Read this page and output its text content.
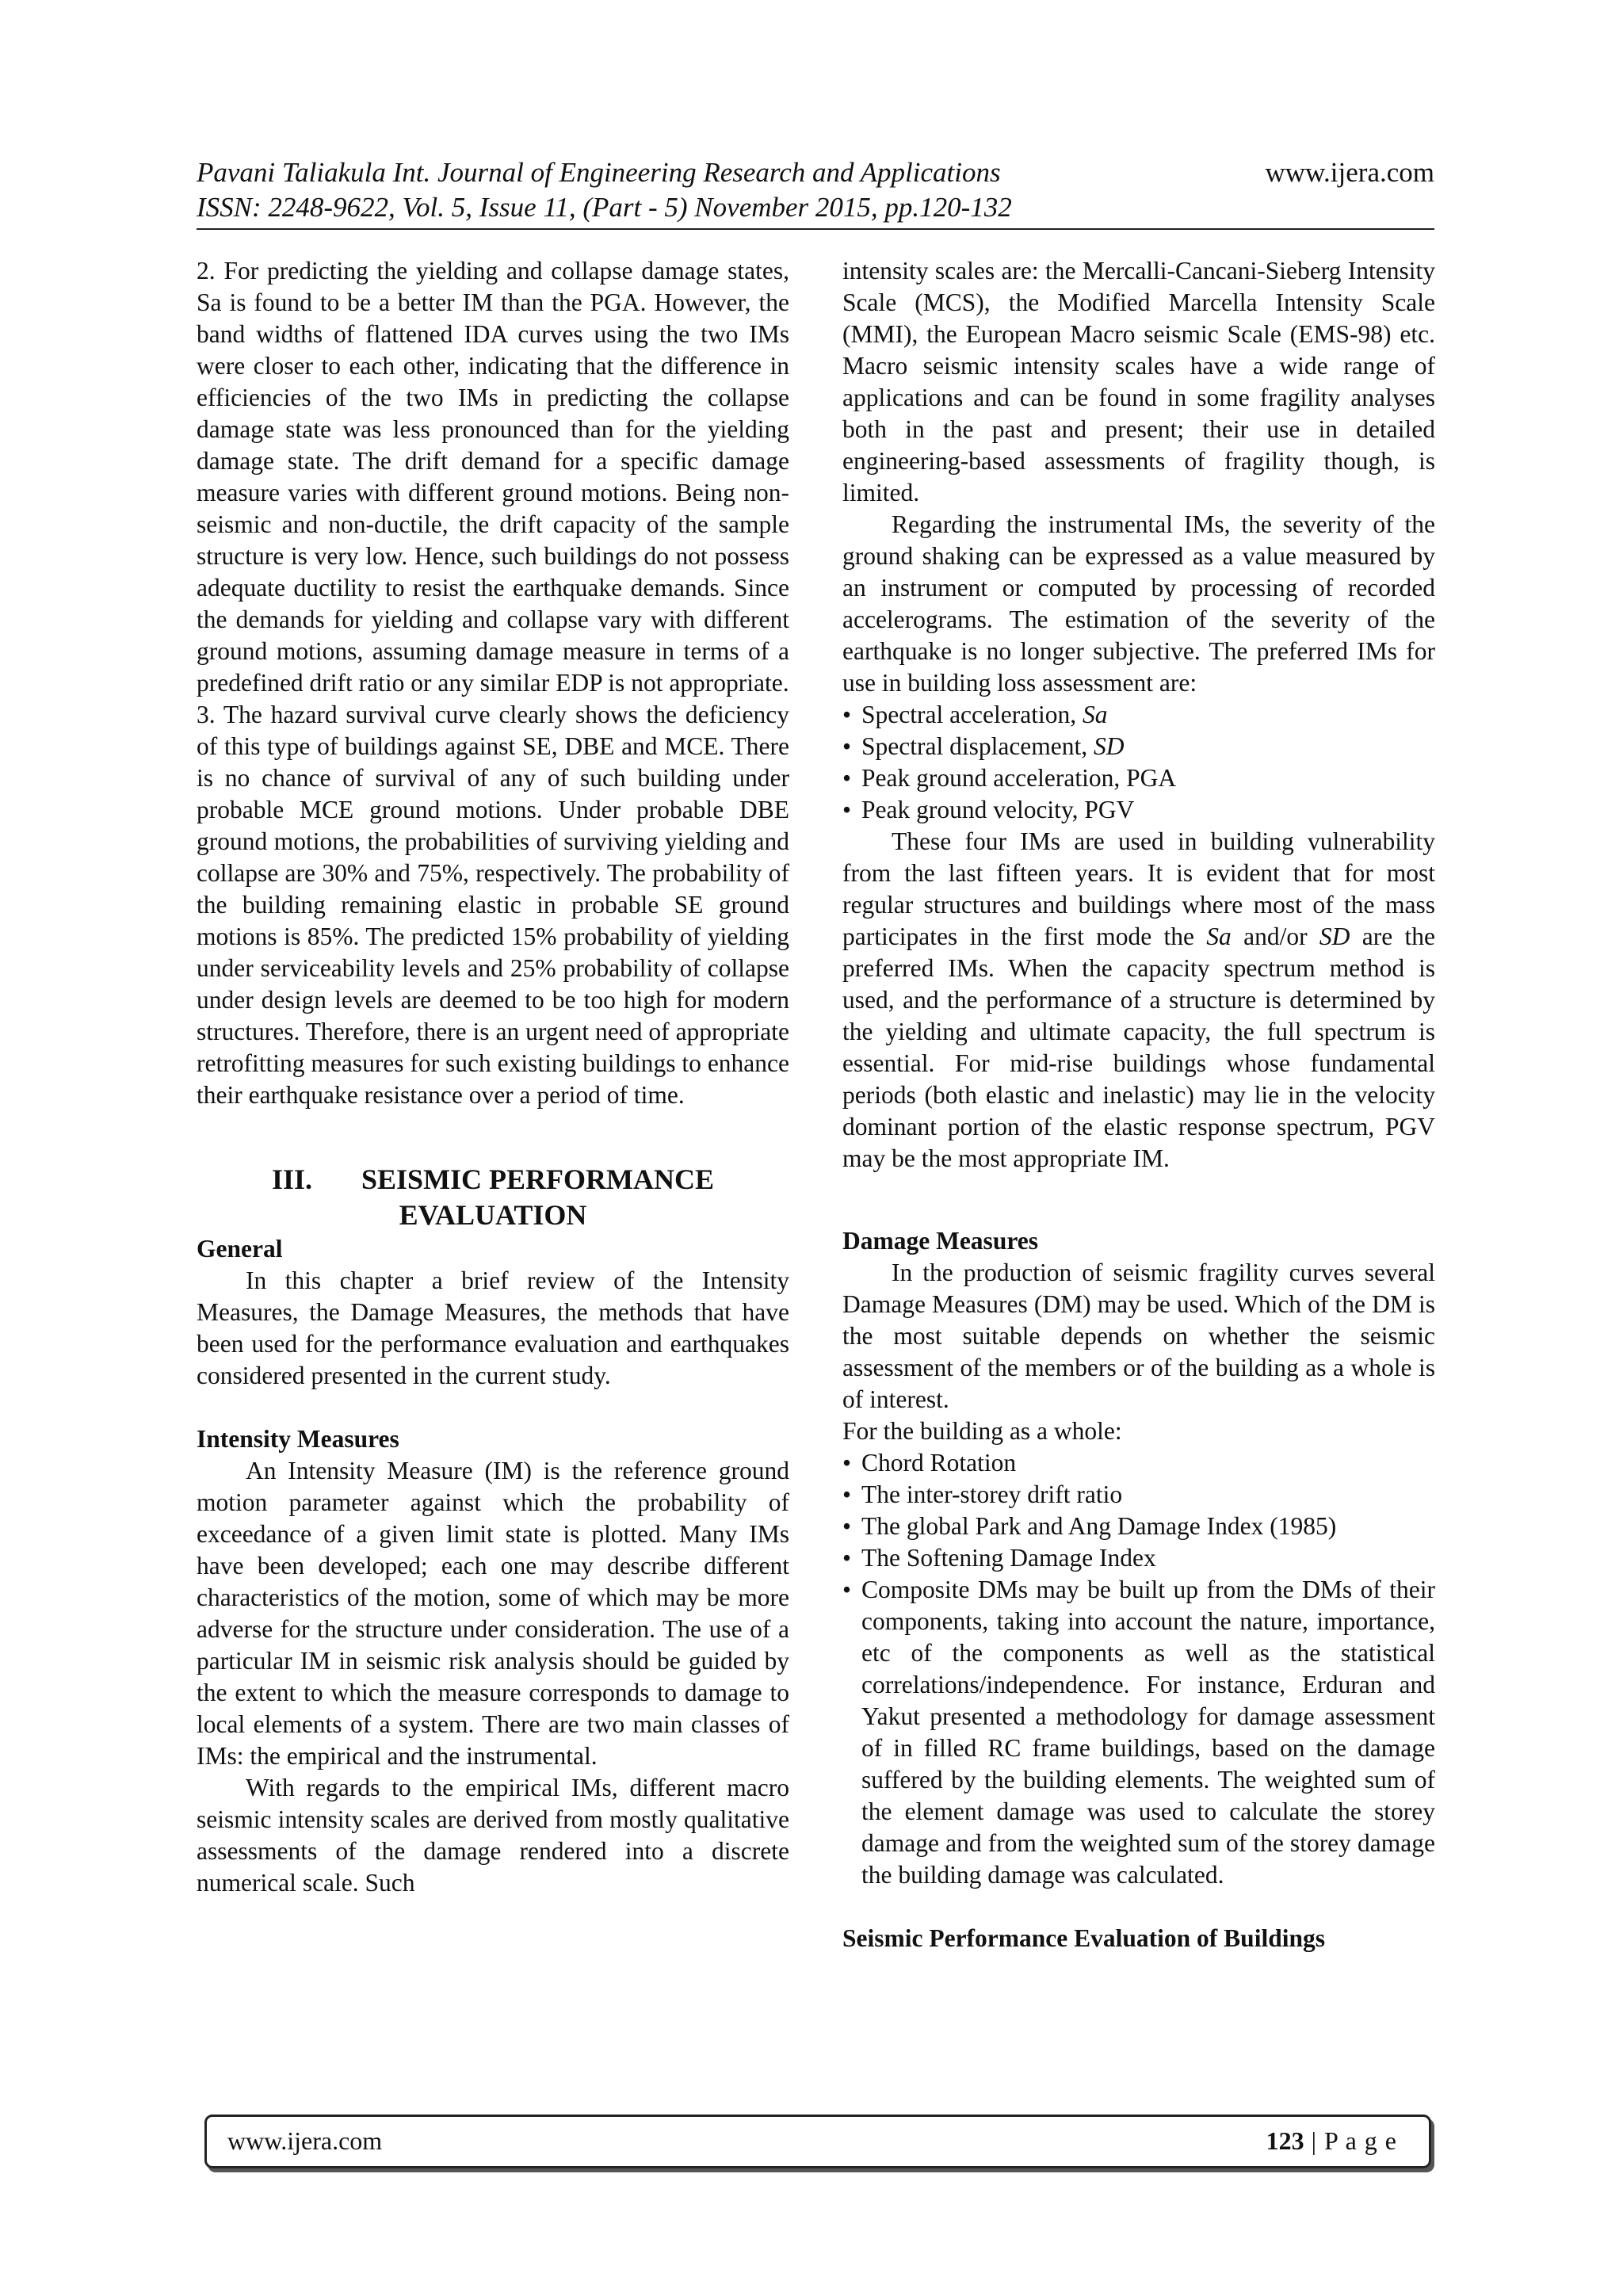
Pavani Taliakula Int. Journal of Engineering Research and Applications
ISSN: 2248-9622, Vol. 5, Issue 11, (Part - 5) November 2015, pp.120-132
www.ijera.com

2. For predicting the yielding and collapse damage states, Sa is found to be a better IM than the PGA. However, the band widths of flattened IDA curves using the two IMs were closer to each other, indicating that the difference in efficiencies of the two IMs in predicting the collapse damage state was less pronounced than for the yielding damage state. The drift demand for a specific damage measure varies with different ground motions. Being non-seismic and non-ductile, the drift capacity of the sample structure is very low. Hence, such buildings do not possess adequate ductility to resist the earthquake demands. Since the demands for yielding and collapse vary with different ground motions, assuming damage measure in terms of a predefined drift ratio or any similar EDP is not appropriate.

3. The hazard survival curve clearly shows the deficiency of this type of buildings against SE, DBE and MCE. There is no chance of survival of any of such building under probable MCE ground motions. Under probable DBE ground motions, the probabilities of surviving yielding and collapse are 30% and 75%, respectively. The probability of the building remaining elastic in probable SE ground motions is 85%. The predicted 15% probability of yielding under serviceability levels and 25% probability of collapse under design levels are deemed to be too high for modern structures. Therefore, there is an urgent need of appropriate retrofitting measures for such existing buildings to enhance their earthquake resistance over a period of time.

III. SEISMIC PERFORMANCE
EVALUATION

General

In this chapter a brief review of the Intensity Measures, the Damage Measures, the methods that have been used for the performance evaluation and earthquakes considered presented in the current study.

Intensity Measures

An Intensity Measure (IM) is the reference ground motion parameter against which the probability of exceedance of a given limit state is plotted. Many IMs have been developed; each one may describe different characteristics of the motion, some of which may be more adverse for the structure under consideration. The use of a particular IM in seismic risk analysis should be guided by the extent to which the measure corresponds to damage to local elements of a system. There are two main classes of IMs: the empirical and the instrumental.

With regards to the empirical IMs, different macro seismic intensity scales are derived from mostly qualitative assessments of the damage rendered into a discrete numerical scale. Such

intensity scales are: the Mercalli-Cancani-Sieberg Intensity Scale (MCS), the Modified Marcella Intensity Scale (MMI), the European Macro seismic Scale (EMS-98) etc. Macro seismic intensity scales have a wide range of applications and can be found in some fragility analyses both in the past and present; their use in detailed engineering-based assessments of fragility though, is limited.

Regarding the instrumental IMs, the severity of the ground shaking can be expressed as a value measured by an instrument or computed by processing of recorded accelerograms. The estimation of the severity of the earthquake is no longer subjective. The preferred IMs for use in building loss assessment are:

• Spectral acceleration, Sa
• Spectral displacement, SD
• Peak ground acceleration, PGA
• Peak ground velocity, PGV

These four IMs are used in building vulnerability from the last fifteen years. It is evident that for most regular structures and buildings where most of the mass participates in the first mode the Sa and/or SD are the preferred IMs. When the capacity spectrum method is used, and the performance of a structure is determined by the yielding and ultimate capacity, the full spectrum is essential. For mid-rise buildings whose fundamental periods (both elastic and inelastic) may lie in the velocity dominant portion of the elastic response spectrum, PGV may be the most appropriate IM.

Damage Measures

In the production of seismic fragility curves several Damage Measures (DM) may be used. Which of the DM is the most suitable depends on whether the seismic assessment of the members or of the building as a whole is of interest.

For the building as a whole:

• Chord Rotation
• The inter-storey drift ratio
• The global Park and Ang Damage Index (1985)
• The Softening Damage Index
• Composite DMs may be built up from the DMs of their components, taking into account the nature, importance, etc of the components as well as the statistical correlations/independence. For instance, Erduran and Yakut presented a methodology for damage assessment of in filled RC frame buildings, based on the damage suffered by the building elements. The weighted sum of the element damage was used to calculate the storey damage and from the weighted sum of the storey damage the building damage was calculated.

Seismic Performance Evaluation of Buildings

www.ijera.com	123 | P a g e
